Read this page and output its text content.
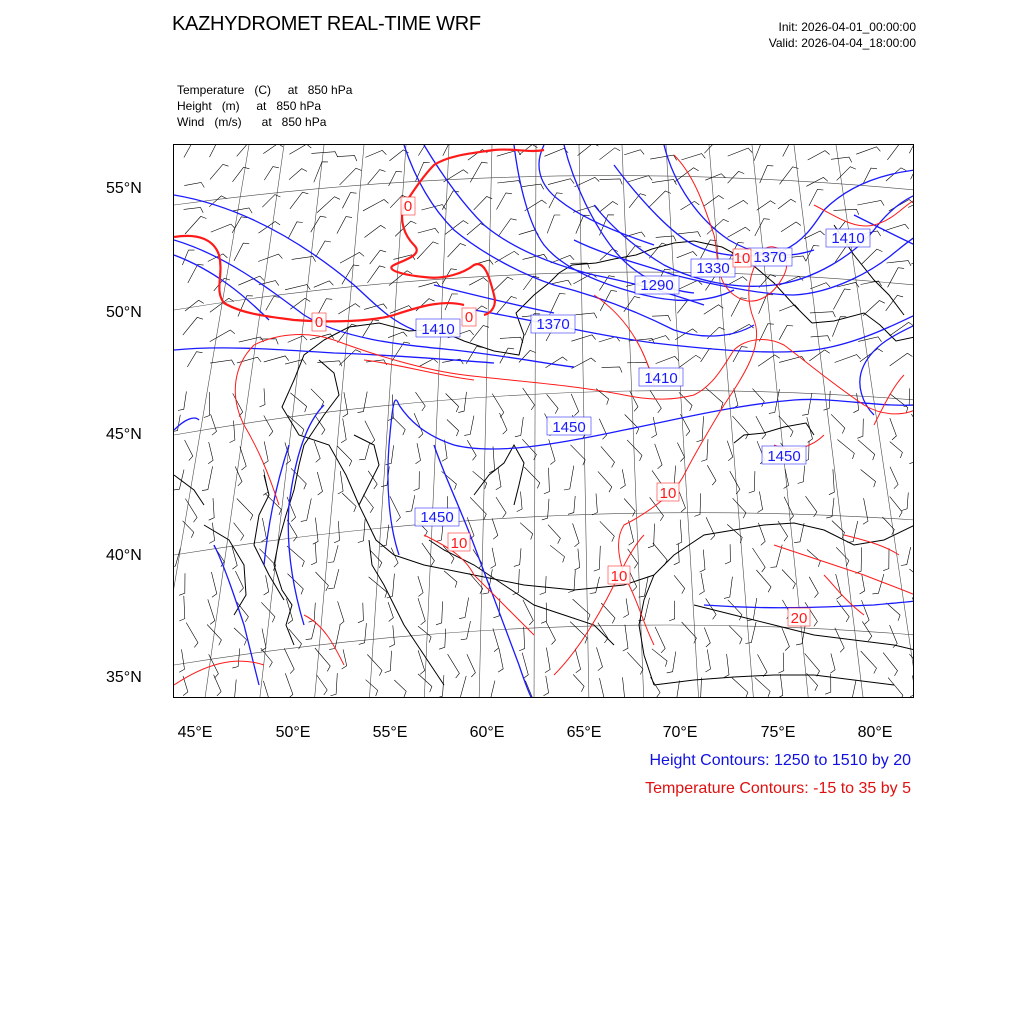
KAZHYDROMET REAL-TIME WRF	Init: 2026-04-01_00:00:00
Valid: 2026-04-04_18:00:00
Temperature   (C)     at   850 hPa
Height   (m)     at   850 hPa
Wind   (m/s)      at   850 hPa
1410	1370
1290
1330
1370
1410
1410
1450
1450
1450
0
0	0
10
10
10
20
10
55°N
50°N
45°N
40°N
35°N
45°E	50°E	55°E	60°E	65°E	70°E	75°E	80°E
Height Contours: 1250 to 1510 by 20
Temperature Contours: -15 to 35 by 5
